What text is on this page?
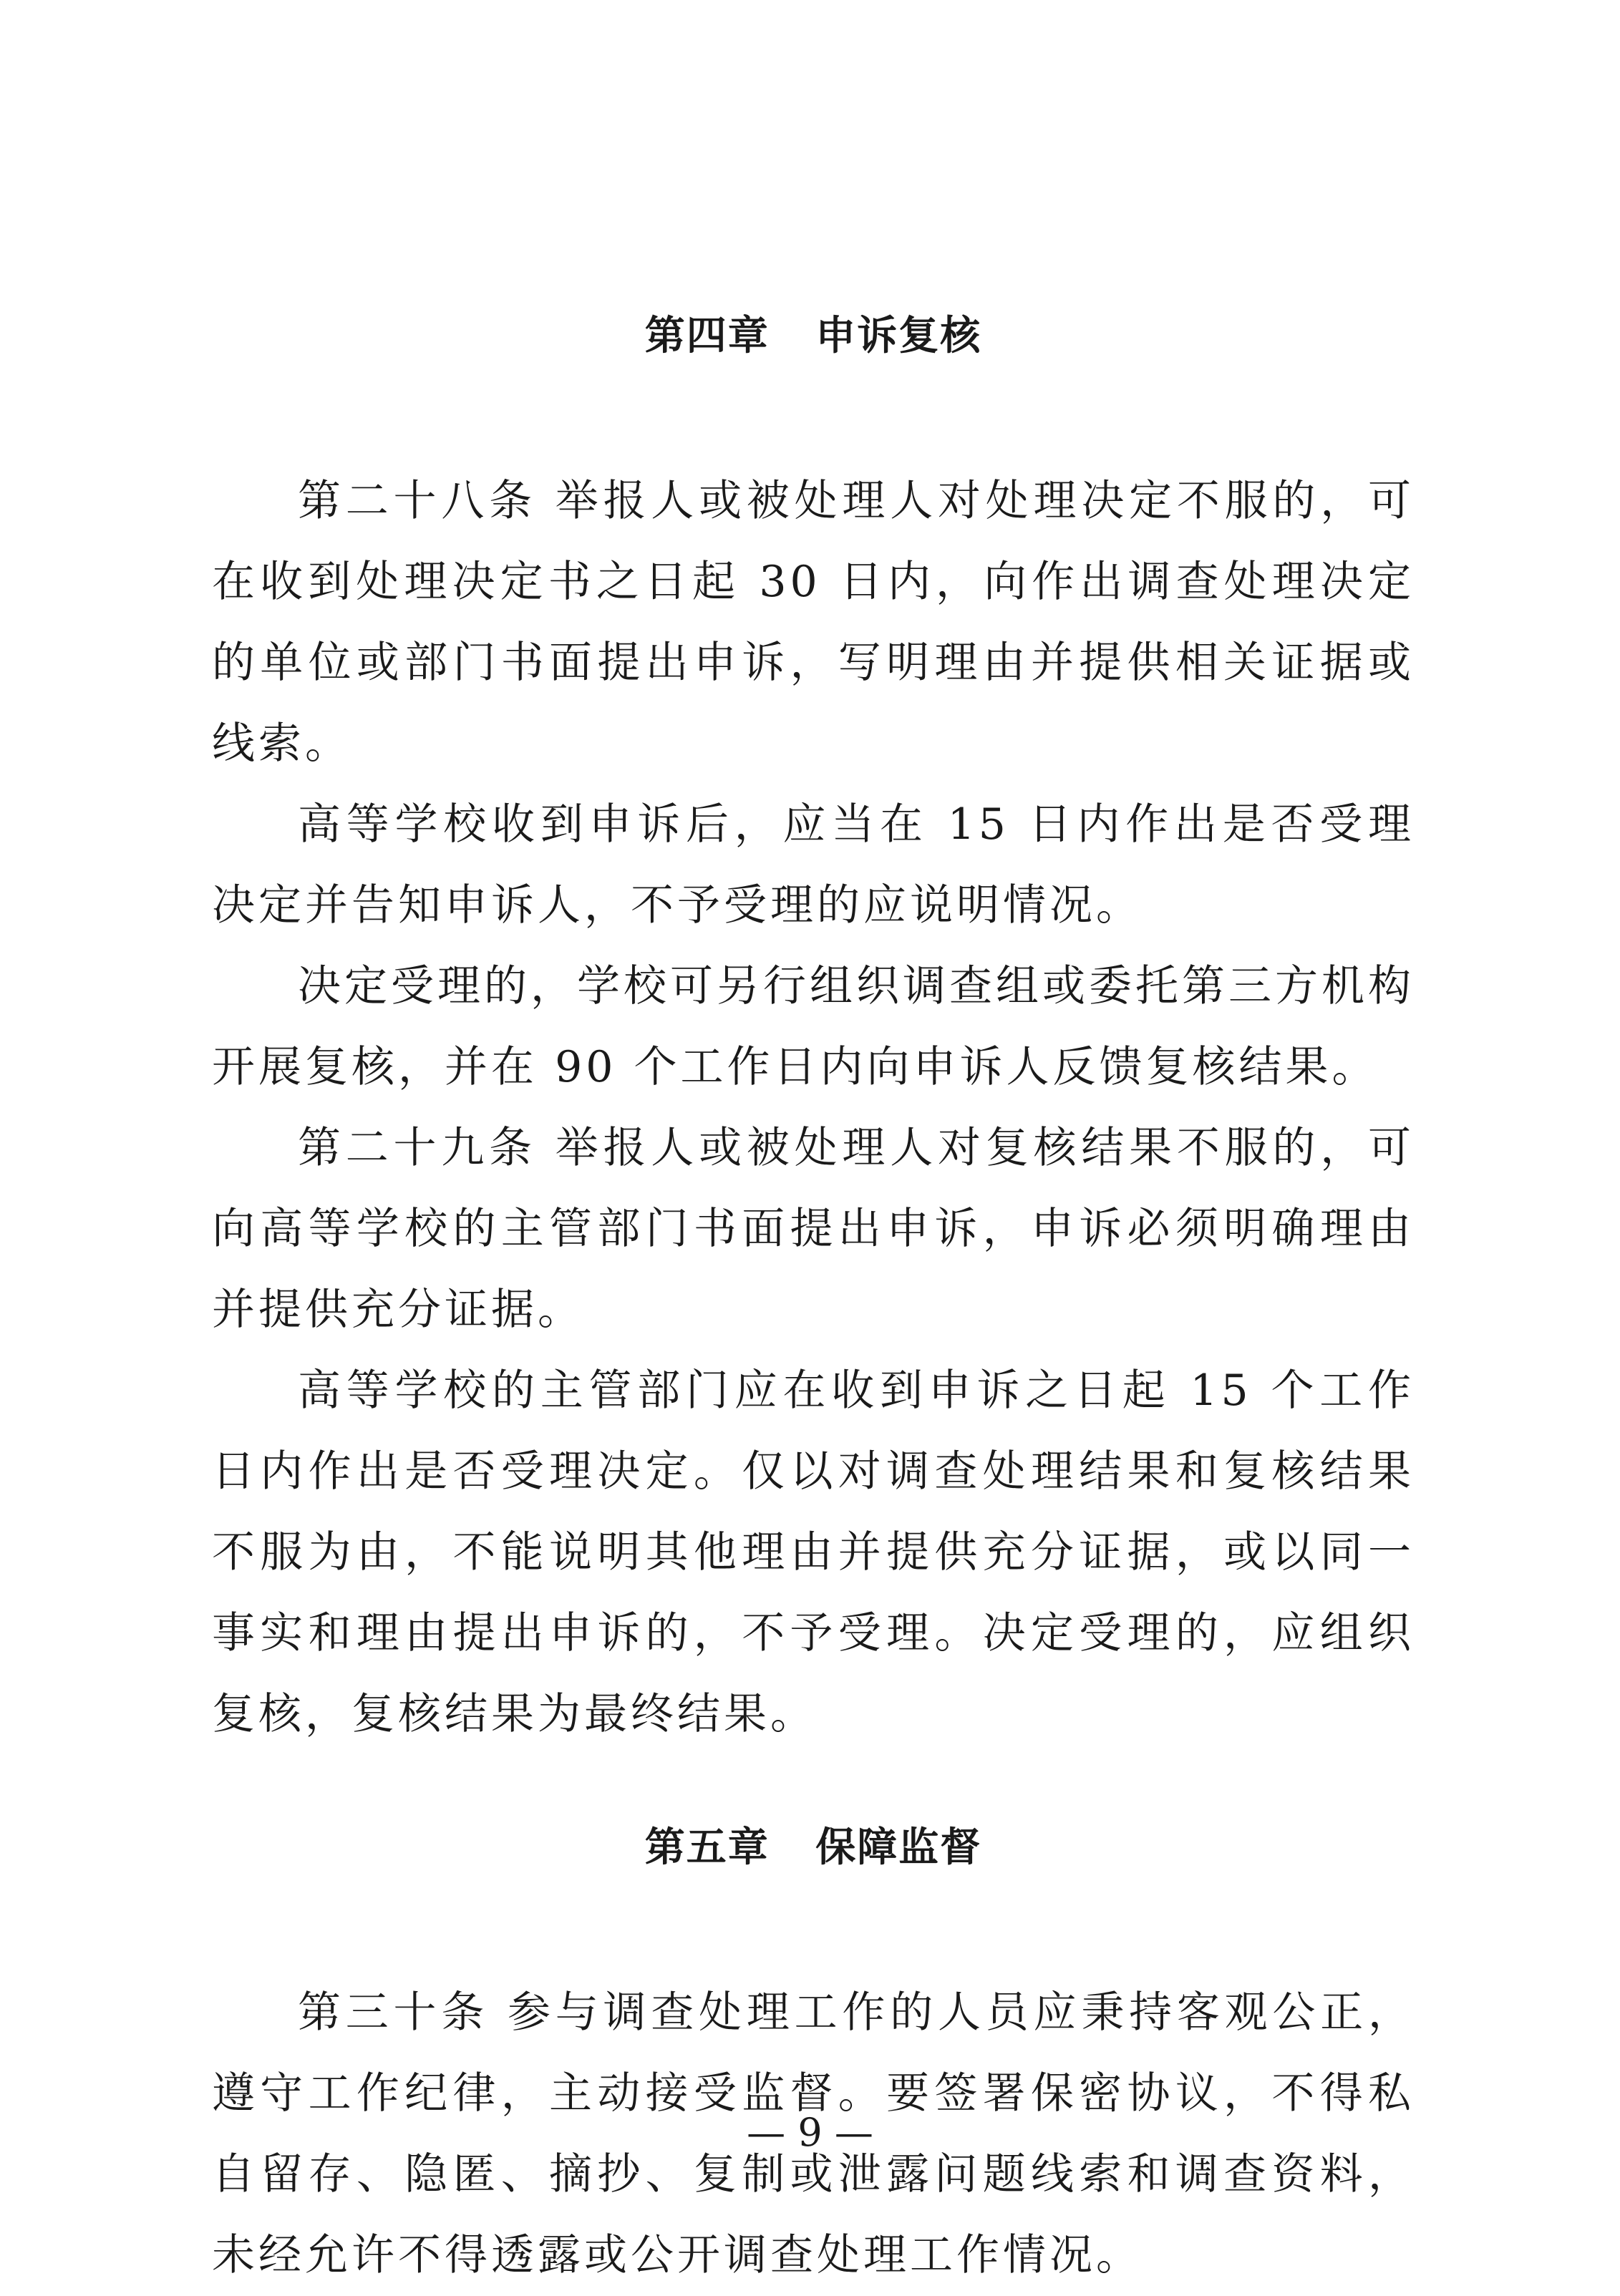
第四章   申诉复核

第二十八条 举报人或被处理人对处理决定不服的，可在收到处理决定书之日起 30 日内，向作出调查处理决定的单位或部门书面提出申诉，写明理由并提供相关证据或线索。

高等学校收到申诉后，应当在 15 日内作出是否受理决定并告知申诉人，不予受理的应说明情况。

决定受理的，学校可另行组织调查组或委托第三方机构开展复核，并在 90 个工作日内向申诉人反馈复核结果。

第二十九条 举报人或被处理人对复核结果不服的，可向高等学校的主管部门书面提出申诉，申诉必须明确理由并提供充分证据。

高等学校的主管部门应在收到申诉之日起 15 个工作日内作出是否受理决定。仅以对调查处理结果和复核结果不服为由，不能说明其他理由并提供充分证据，或以同一事实和理由提出申诉的，不予受理。决定受理的，应组织复核，复核结果为最终结果。

第五章   保障监督

第三十条 参与调查处理工作的人员应秉持客观公正，遵守工作纪律，主动接受监督。要签署保密协议，不得私自留存、隐匿、摘抄、复制或泄露问题线索和调查资料，未经允许不得透露或公开调查处理工作情况。

— 9 —
